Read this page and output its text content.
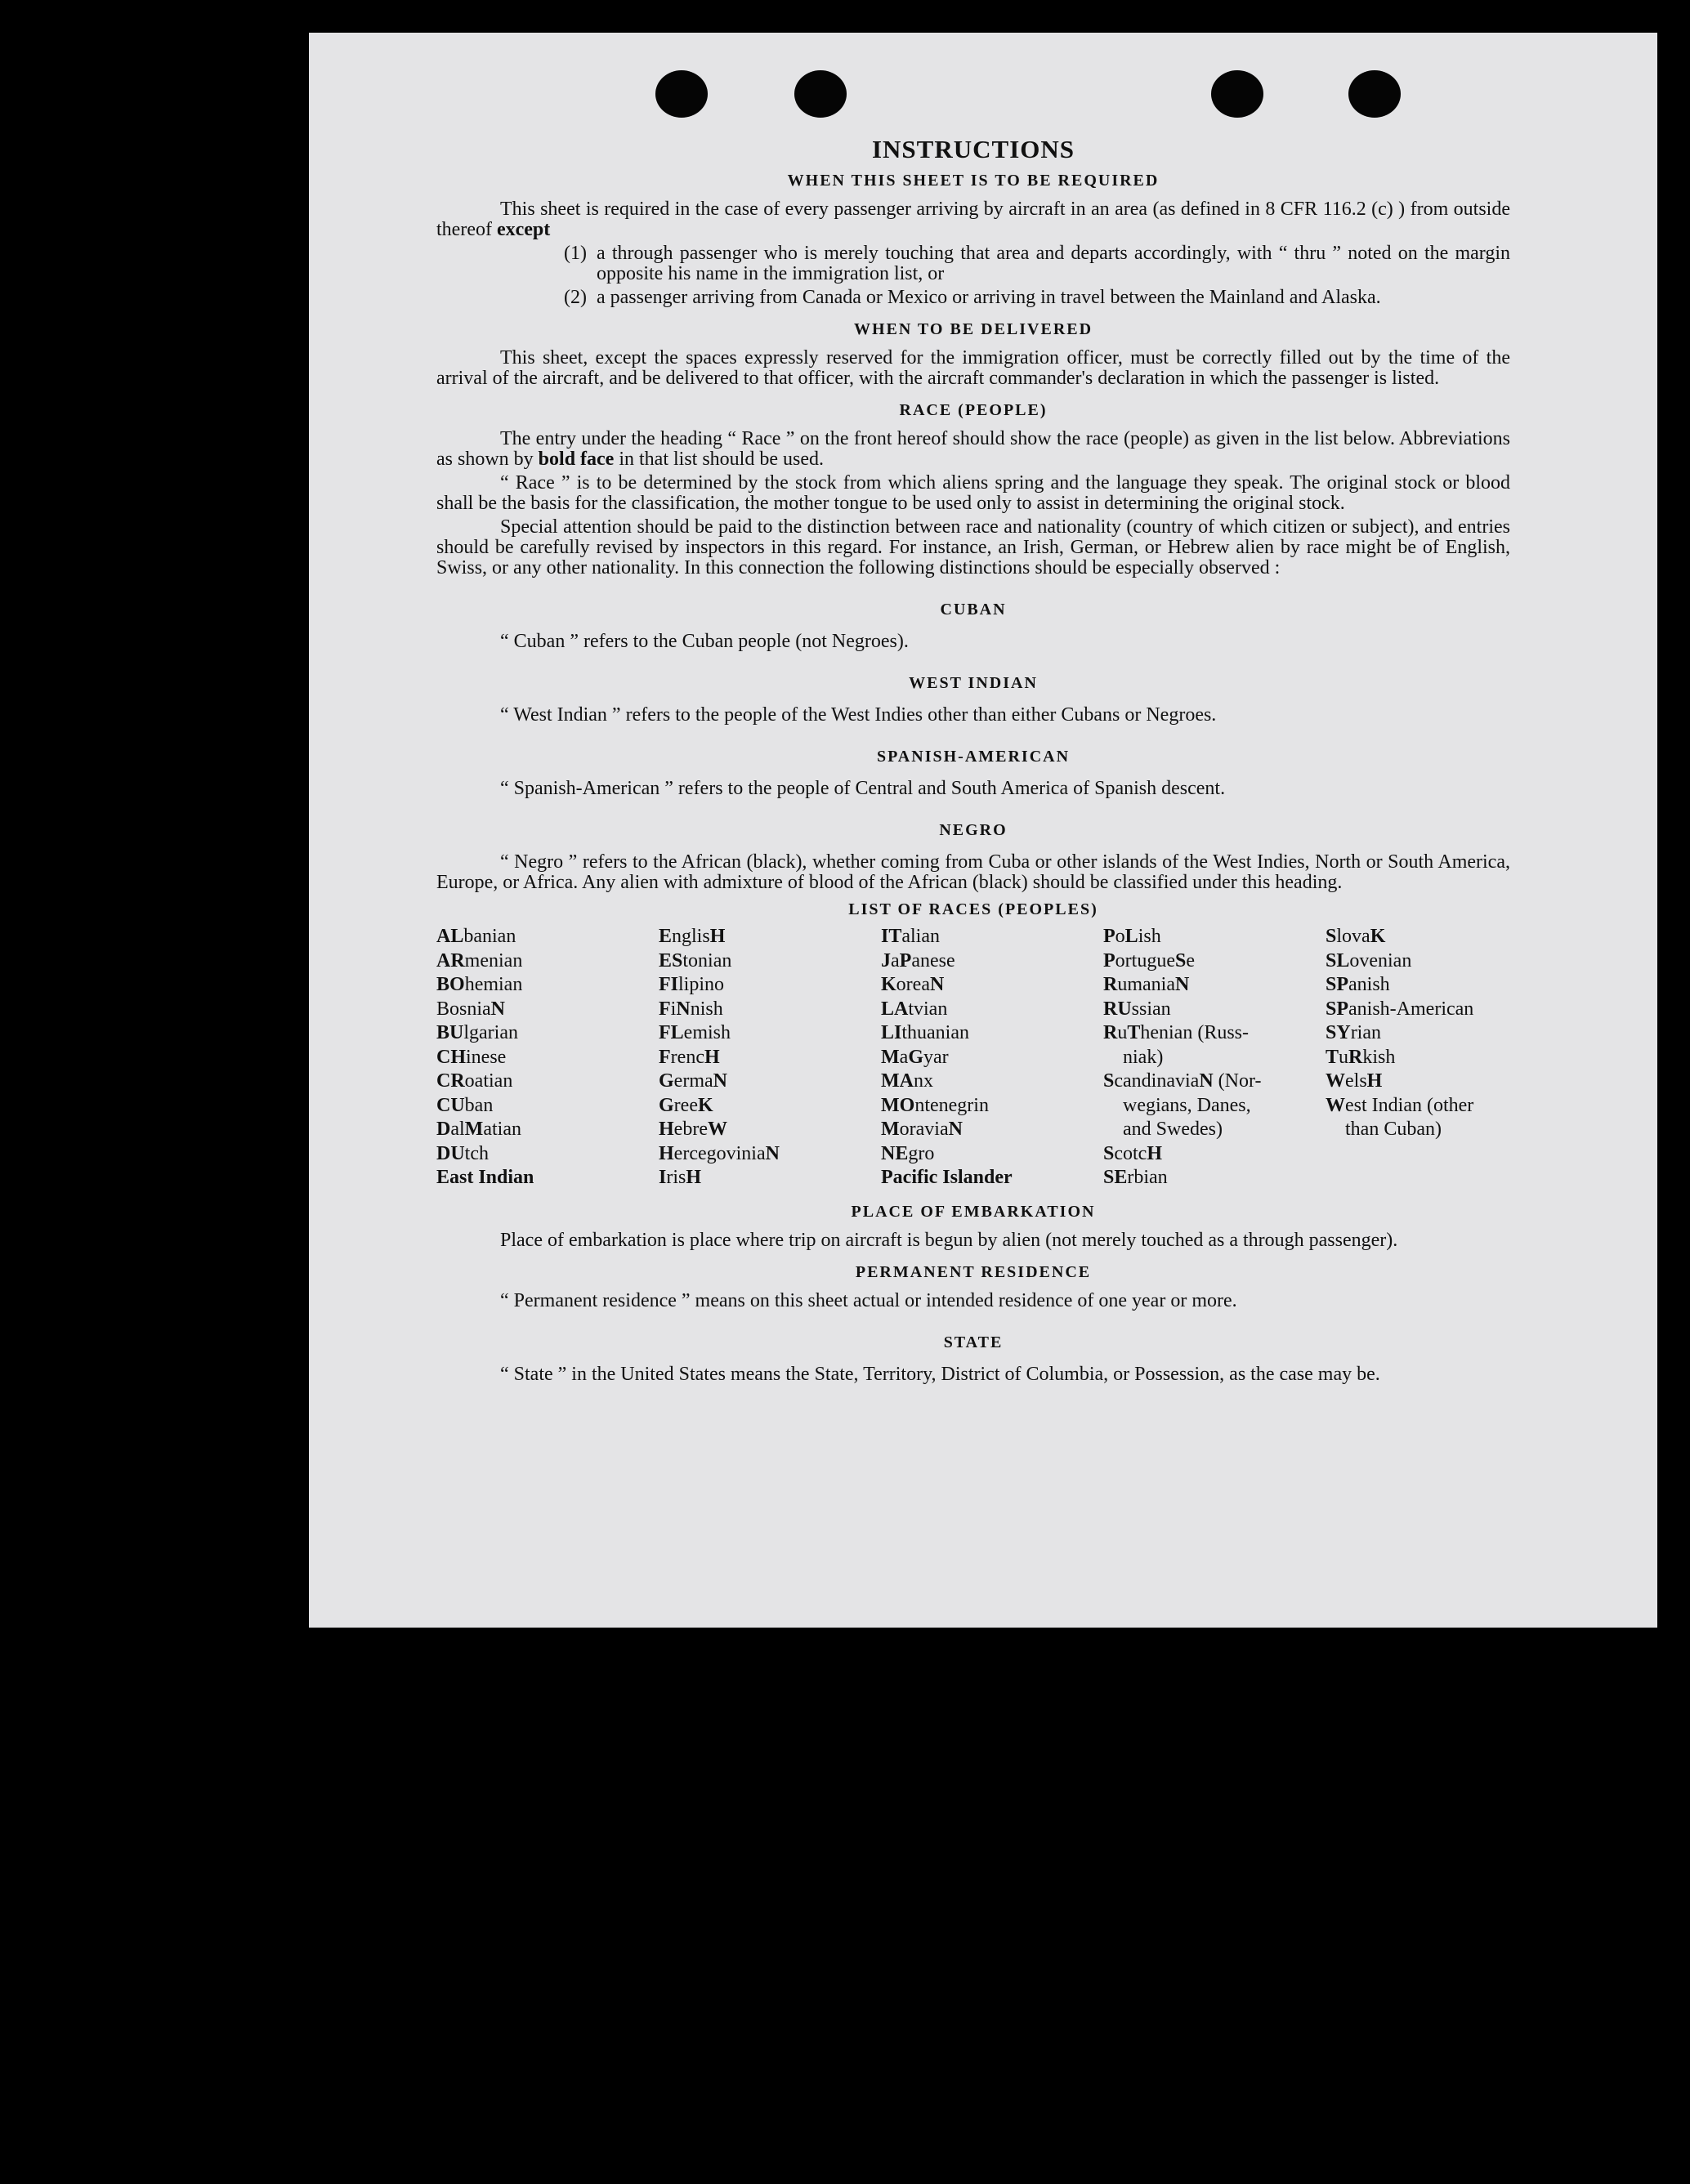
INSTRUCTIONS
WHEN THIS SHEET IS TO BE REQUIRED
This sheet is required in the case of every passenger arriving by aircraft in an area (as defined in 8 CFR 116.2 (c) ) from outside thereof except
(1) a through passenger who is merely touching that area and departs accordingly, with “ thru ” noted on the margin opposite his name in the immigration list, or
(2) a passenger arriving from Canada or Mexico or arriving in travel between the Mainland and Alaska.
WHEN TO BE DELIVERED
This sheet, except the spaces expressly reserved for the immigration officer, must be correctly filled out by the time of the arrival of the aircraft, and be delivered to that officer, with the aircraft commander's declaration in which the passenger is listed.
RACE (PEOPLE)
The entry under the heading “ Race ” on the front hereof should show the race (people) as given in the list below. Abbreviations as shown by bold face in that list should be used.
“ Race ” is to be determined by the stock from which aliens spring and the language they speak. The original stock or blood shall be the basis for the classification, the mother tongue to be used only to assist in determining the original stock.
Special attention should be paid to the distinction between race and nationality (country of which citizen or subject), and entries should be carefully revised by inspectors in this regard. For instance, an Irish, German, or Hebrew alien by race might be of English, Swiss, or any other nationality. In this connection the following distinctions should be especially observed :
CUBAN
“ Cuban ” refers to the Cuban people (not Negroes).
WEST INDIAN
“ West Indian ” refers to the people of the West Indies other than either Cubans or Negroes.
SPANISH-AMERICAN
“ Spanish-American ” refers to the people of Central and South America of Spanish descent.
NEGRO
“ Negro ” refers to the African (black), whether coming from Cuba or other islands of the West Indies, North or South America, Europe, or Africa. Any alien with admixture of blood of the African (black) should be classified under this heading.
LIST OF RACES (PEOPLES)
ALbanian
ARmenian
BOhemian
BosniaN
BUlgarian
CHinese
CRoatian
CUban
DalMatian
DUtch
East Indian
EnglisH
EStonian
FIlipino
FiNnish
FLemish
FrencH
GermaN
GreeK
HebreW
HercegoviniaN
IrisH
ITalian
JaPanese
KoreaN
LAtvian
LIthuanian
MaGyar
MAnx
MOntenegrin
MoraviaN
NEgro
Pacific Islander
PoLish
PortugueSe
RumaniaN
RUssian
RuThenian (Russ-
niak)
ScandinaviaN (Nor-
wegians, Danes,
and Swedes)
ScotcH
SErbian
SlovaK
SLovenian
SPanish
SPanish-American
SYrian
TuRkish
WelsH
West Indian (other
than Cuban)
PLACE OF EMBARKATION
Place of embarkation is place where trip on aircraft is begun by alien (not merely touched as a through passenger).
PERMANENT RESIDENCE
“ Permanent residence ” means on this sheet actual or intended residence of one year or more.
STATE
“ State ” in the United States means the State, Territory, District of Columbia, or Possession, as the case may be.
